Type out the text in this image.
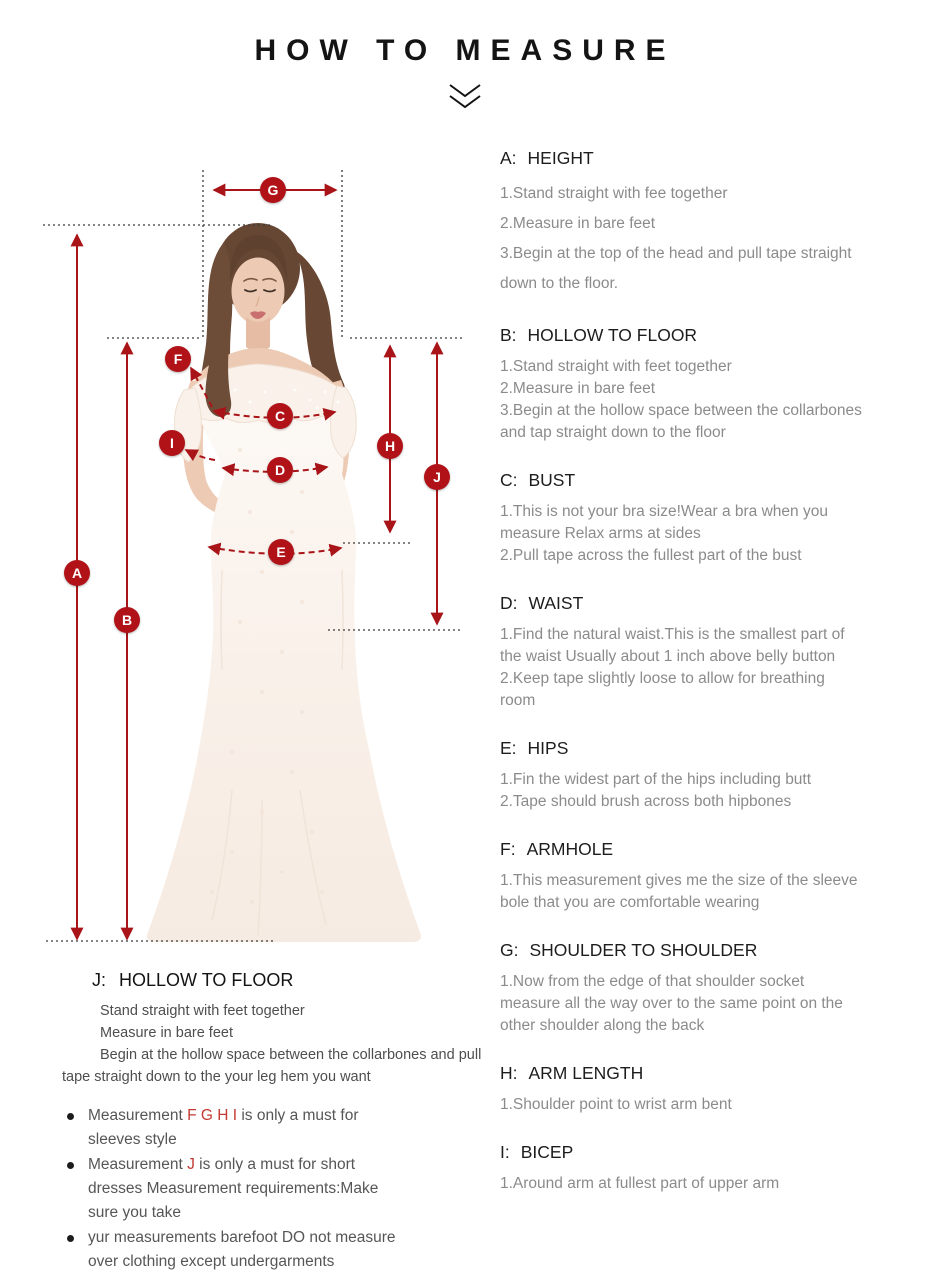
HOW TO MEASURE
A
B
C
D
E
F
G
H
I
J
A: HEIGHT

1.Stand straight with fee together

2.Measure in bare feet

3.Begin at the top of the head and pull tape straight down to the floor.

B: HOLLOW TO FLOOR

1.Stand straight with feet together

2.Measure in bare feet

3.Begin at the hollow space between the collarbones and tap straight down to the floor

C: BUST

1.This is not your bra size!Wear a bra when you measure Relax arms at sides

2.Pull tape across the fullest part of the bust

D: WAIST

1.Find the natural waist.This is the smallest part of the waist Usually about 1 inch above belly button

2.Keep tape slightly loose to allow for breathing room

E: HIPS

1.Fin the widest part of the hips including butt

2.Tape should brush across both hipbones

F: ARMHOLE

1.This measurement gives me the size of the sleeve bole that you are comfortable wearing

G: SHOULDER TO SHOULDER

1.Now from the edge of that shoulder socket measure all the way over to the same point on the other shoulder along the back

H: ARM LENGTH

1.Shoulder point to wrist arm bent

I: BICEP

1.Around arm at fullest part of upper arm

J: HOLLOW TO FLOOR
Stand straight with feet together
Measure in bare feet

Begin at the hollow space between the collarbones and pull tape straight down to the your leg hem you want

Measurement F G H I is only a must for sleeves style
Measurement J is only a must for short dresses Measurement requirements:Make sure you take
yur measurements barefoot DO not measure over clothing except undergarments
